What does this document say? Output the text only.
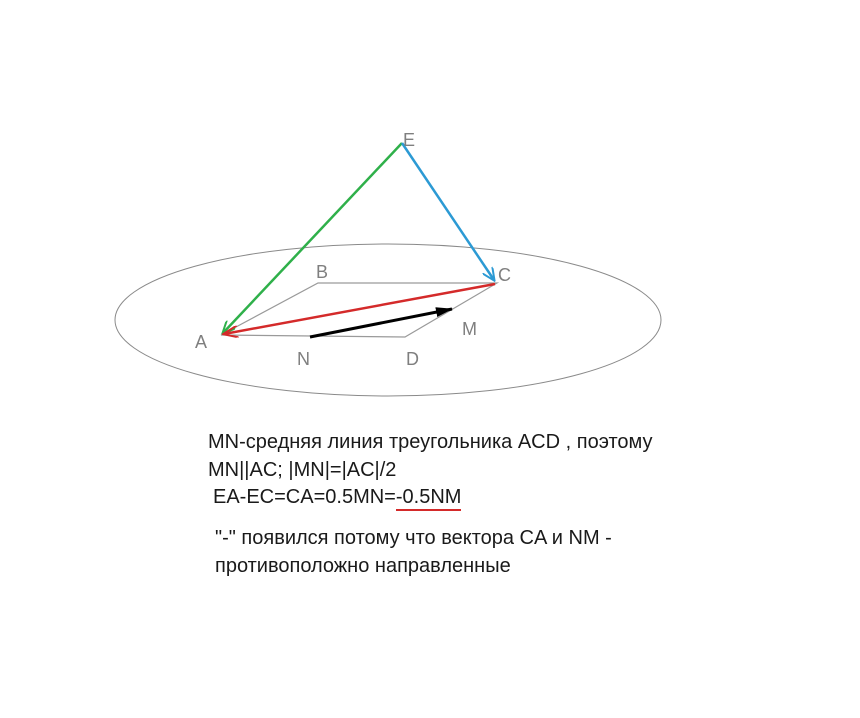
E
B	C
A
M
N	D
MN-средняя линия треугольника ACD , поэтому
MN||AC; |MN|=|AC|/2
EA-EC=CA=0.5MN=-0.5NM
"-" появился потому что вектора CA и NM -
противоположно направленные
